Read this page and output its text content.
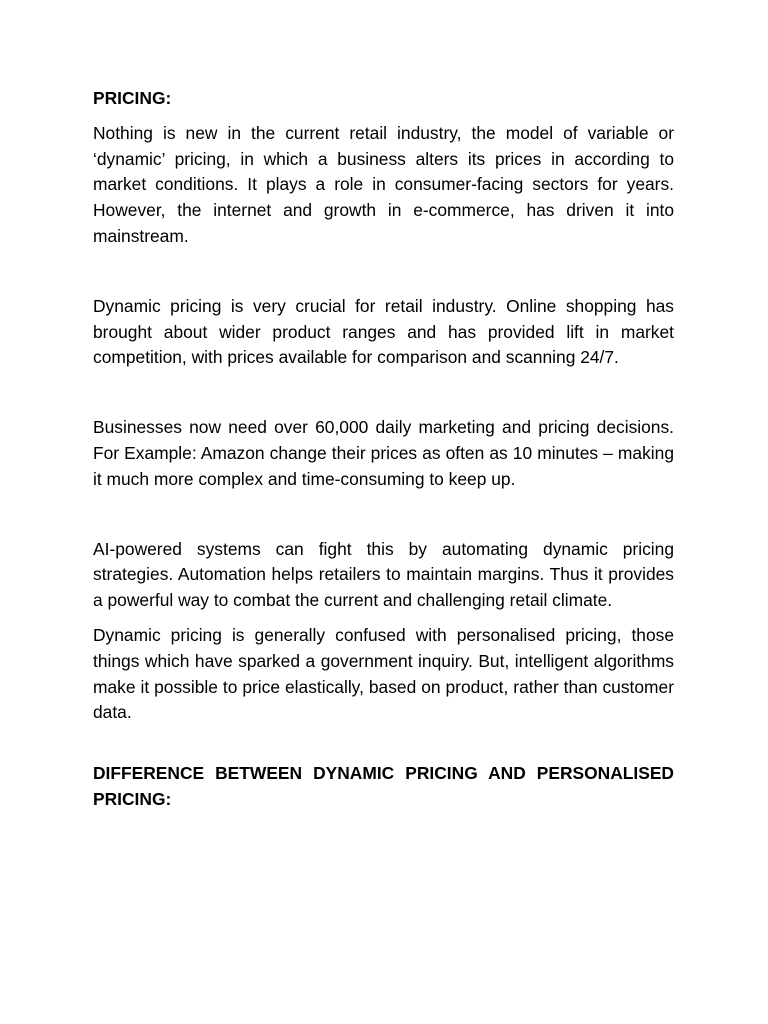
PRICING:

Nothing is new in the current retail industry, the model of variable or ‘dynamic’ pricing, in which a business alters its prices in according to market conditions. It plays a role in consumer-facing sectors for years. However, the internet and growth in e-commerce, has driven it into mainstream.

Dynamic pricing is very crucial for retail industry. Online shopping has brought about wider product ranges and has provided lift in market competition, with prices available for comparison and scanning 24/7.

Businesses now need over 60,000 daily marketing and pricing decisions. For Example: Amazon change their prices as often as 10 minutes – making it much more complex and time-consuming to keep up.

AI-powered systems can fight this by automating dynamic pricing strategies. Automation helps retailers to maintain margins. Thus it provides a powerful way to combat the current and challenging retail climate.

Dynamic pricing is generally confused with personalised pricing, those things which have sparked a government inquiry. But, intelligent algorithms make it possible to price elastically, based on product, rather than customer data.

DIFFERENCE BETWEEN DYNAMIC PRICING AND PERSONALISED PRICING:
